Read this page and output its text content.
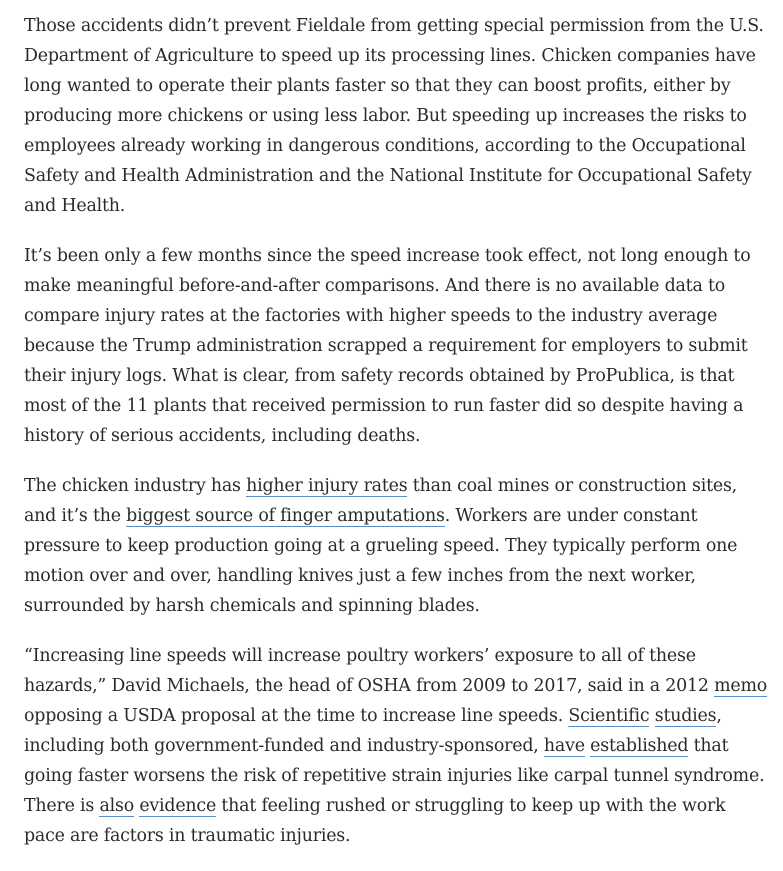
Those accidents didn’t prevent Fieldale from getting special permission from the U.S. Department of Agriculture to speed up its processing lines. Chicken companies have long wanted to operate their plants faster so that they can boost profits, either by producing more chickens or using less labor. But speeding up increases the risks to employees already working in dangerous conditions, according to the Occupational Safety and Health Administration and the National Institute for Occupational Safety and Health.

It’s been only a few months since the speed increase took effect, not long enough to make meaningful before-and-after comparisons. And there is no available data to compare injury rates at the factories with higher speeds to the industry average because the Trump administration scrapped a requirement for employers to submit their injury logs. What is clear, from safety records obtained by ProPublica, is that most of the 11 plants that received permission to run faster did so despite having a history of serious accidents, including deaths.

The chicken industry has higher injury rates than coal mines or construction sites, and it’s the biggest source of finger amputations. Workers are under constant pressure to keep production going at a grueling speed. They typically perform one motion over and over, handling knives just a few inches from the next worker, surrounded by harsh chemicals and spinning blades.

“Increasing line speeds will increase poultry workers’ exposure to all of these hazards,” David Michaels, the head of OSHA from 2009 to 2017, said in a 2012 memo opposing a USDA proposal at the time to increase line speeds. Scientific studies, including both government-funded and industry-sponsored, have established that going faster worsens the risk of repetitive strain injuries like carpal tunnel syndrome. There is also evidence that feeling rushed or struggling to keep up with the work pace are factors in traumatic injuries.
